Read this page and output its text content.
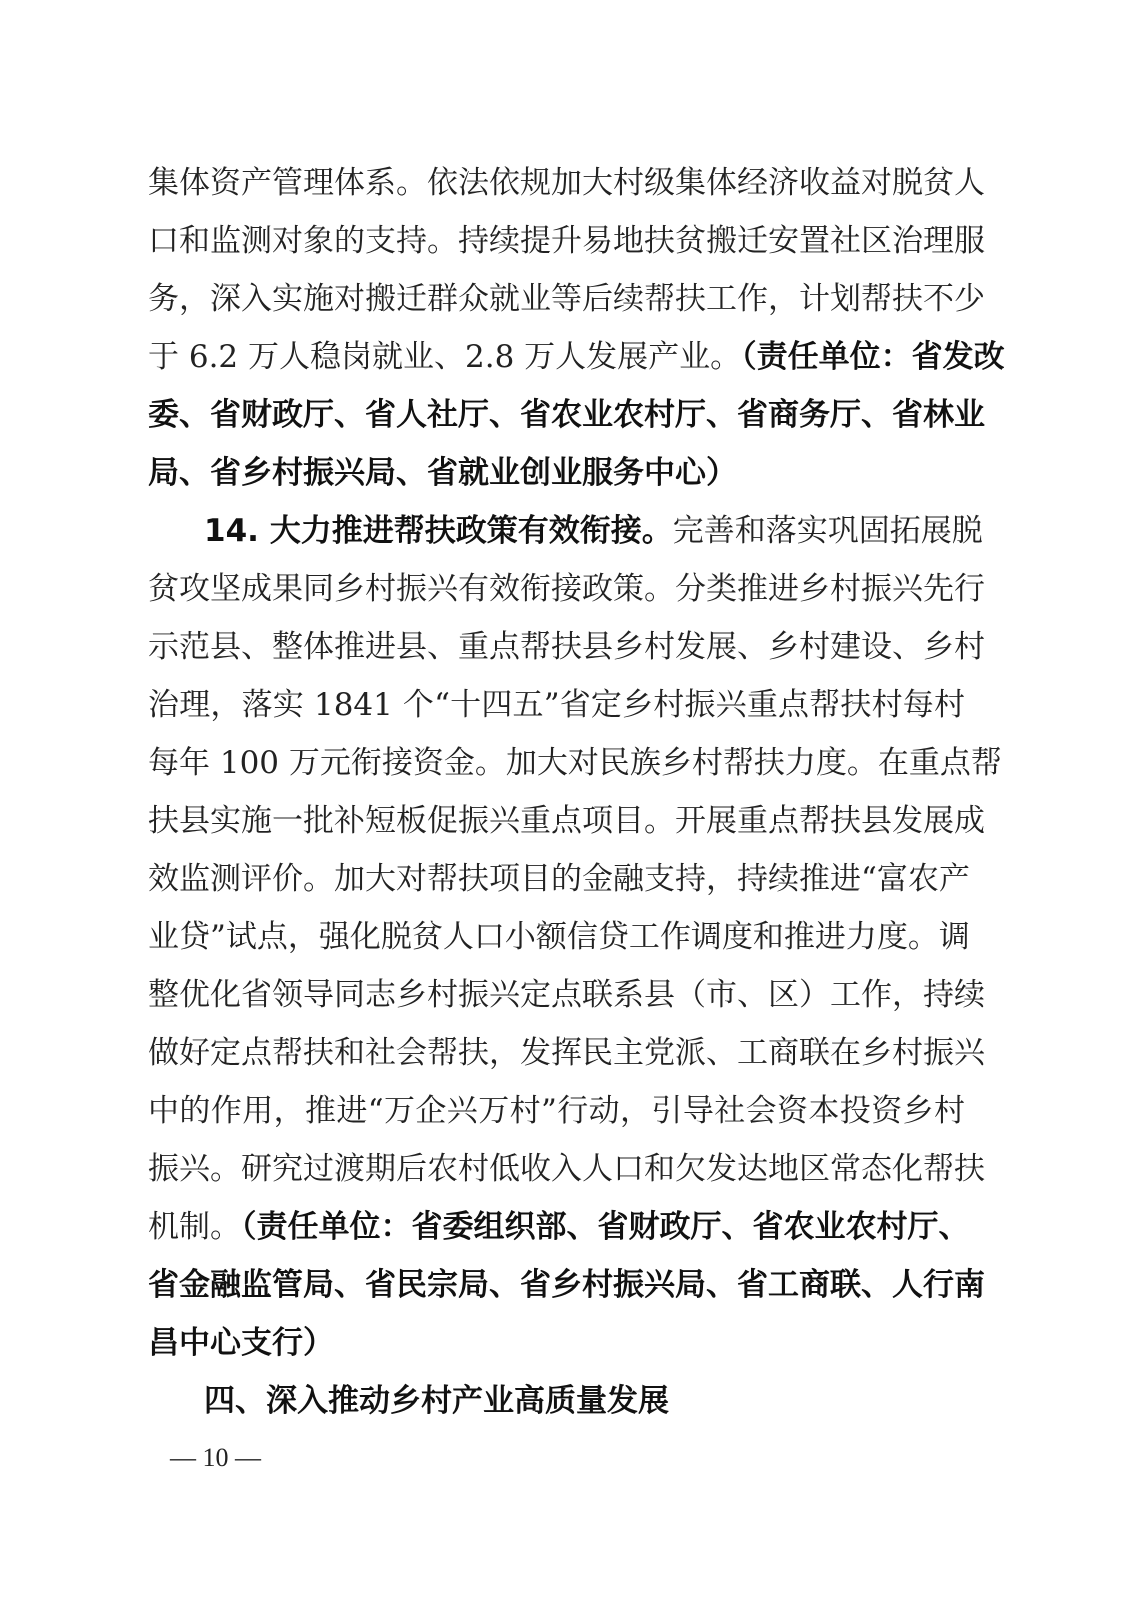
集体资产管理体系。依法依规加大村级集体经济收益对脱贫人
口和监测对象的支持。持续提升易地扶贫搬迁安置社区治理服
务，深入实施对搬迁群众就业等后续帮扶工作，计划帮扶不少
于 6.2 万人稳岗就业、2.8 万人发展产业。（责任单位：省发改
委、省财政厅、省人社厅、省农业农村厅、省商务厅、省林业
局、省乡村振兴局、省就业创业服务中心）
14. 大力推进帮扶政策有效衔接。完善和落实巩固拓展脱
贫攻坚成果同乡村振兴有效衔接政策。分类推进乡村振兴先行
示范县、整体推进县、重点帮扶县乡村发展、乡村建设、乡村
治理，落实 1841 个“十四五”省定乡村振兴重点帮扶村每村
每年 100 万元衔接资金。加大对民族乡村帮扶力度。在重点帮
扶县实施一批补短板促振兴重点项目。开展重点帮扶县发展成
效监测评价。加大对帮扶项目的金融支持，持续推进“富农产
业贷”试点，强化脱贫人口小额信贷工作调度和推进力度。调
整优化省领导同志乡村振兴定点联系县（市、区）工作，持续
做好定点帮扶和社会帮扶，发挥民主党派、工商联在乡村振兴
中的作用，推进“万企兴万村”行动，引导社会资本投资乡村
振兴。研究过渡期后农村低收入人口和欠发达地区常态化帮扶
机制。（责任单位：省委组织部、省财政厅、省农业农村厅、
省金融监管局、省民宗局、省乡村振兴局、省工商联、人行南
昌中心支行）
四、深入推动乡村产业高质量发展
— 10 —
